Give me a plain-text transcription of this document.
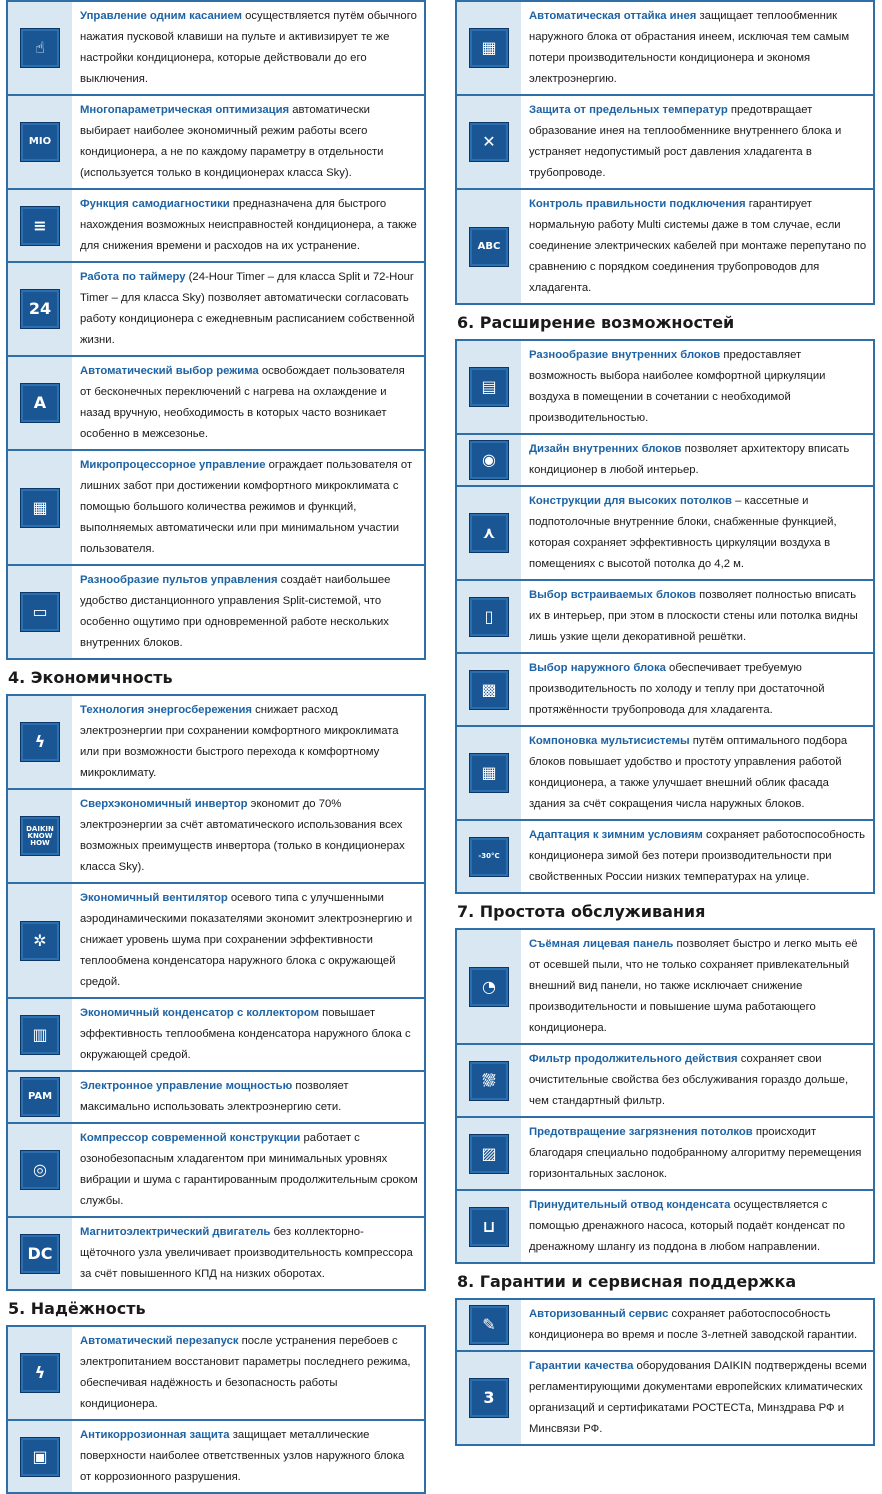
☝
Управление одним касанием осуществляется путём обычного нажатия пусковой клавиши на пульте и активизирует те же настройки кондиционера, которые действовали до его выключения.
MIO
Многопараметрическая оптимизация автоматически выбирает наиболее экономичный режим работы всего кондиционера, а не по каждому параметру в отдельности (используется только в кондиционерах класса Sky).
≡
Функция самодиагностики предназначена для быстрого нахождения возможных неисправностей кондиционера, а также для снижения времени и расходов на их устранение.
24
Работа по таймеру (24-Hour Timer – для класса Split и 72-Hour Timer – для класса Sky) позволяет автоматически согласовать работу кондиционера с ежедневным расписанием собственной жизни.
A
Автоматический выбор режима освобождает пользователя от бесконечных переключений с нагрева на охлаждение и назад вручную, необходимость в которых часто возникает особенно в межсезонье.
▦
Микропроцессорное управление ограждает пользователя от лишних забот при достижении комфортного микроклимата с помощью большого количества режимов и функций, выполняемых автоматически или при минимальном участии пользователя.
▭
Разнообразие пультов управления создаёт наибольшее удобство дистанционного управления Split-системой, что особенно ощутимо при одновременной работе нескольких внутренних блоков.
4. Экономичность
ϟ
Технология энергосбережения снижает расход электроэнергии при сохранении комфортного микроклимата или при возможности быстрого перехода к комфортному микроклимату.
DAIKIN KNOW HOW
Сверхэкономичный инвертор экономит до 70% электроэнергии за счёт автоматического использования всех возможных преимуществ инвертора (только в кондиционерах класса Sky).
✲
Экономичный вентилятор осевого типа с улучшенными аэродинамическими показателями экономит электроэнергию и снижает уровень шума при сохранении эффективности теплообмена конденсатора наружного блока с окружающей средой.
▥
Экономичный конденсатор с коллектором повышает эффективность теплообмена конденсатора наружного блока с окружающей средой.
PAM
Электронное управление мощностью позволяет максимально использовать электроэнергию сети.
◎
Компрессор современной конструкции работает с озонобезопасным хладагентом при минимальных уровнях вибрации и шума с гарантированным продолжительным сроком службы.
DC
Магнитоэлектрический двигатель без коллекторно-щёточного узла увеличивает производительность компрессора за счёт повышенного КПД на низких оборотах.
5. Надёжность
ϟ
Автоматический перезапуск после устранения перебоев с электропитанием восстановит параметры последнего режима, обеспечивая надёжность и безопасность работы кондиционера.
▣
Антикоррозионная защита защищает металлические поверхности наиболее ответственных узлов наружного блока от коррозионного разрушения.
▦
Автоматическая оттайка инея защищает теплообменник наружного блока от обрастания инеем, исключая тем самым потери производительности кондиционера и экономя электроэнергию.
✕
Защита от предельных температур предотвращает образование инея на теплообменнике внутреннего блока и устраняет недопустимый рост давления хладагента в трубопроводе.
ABC
Контроль правильности подключения гарантирует нормальную работу Multi системы даже в том случае, если соединение электрических кабелей при монтаже перепутано по сравнению с порядком соединения трубопроводов для хладагента.
6. Расширение возможностей
▤
Разнообразие внутренних блоков предоставляет возможность выбора наиболее комфортной циркуляции воздуха в помещении в сочетании с необходимой производительностью.
◉
Дизайн внутренних блоков позволяет архитектору вписать кондиционер в любой интерьер.
⋏
Конструкции для высоких потолков – кассетные и подпотолочные внутренние блоки, снабженные функцией, которая сохраняет эффективность циркуляции воздуха в помещениях с высотой потолка до 4,2 м.
▯
Выбор встраиваемых блоков позволяет полностью вписать их в интерьер, при этом в плоскости стены или потолка видны лишь узкие щели декоративной решётки.
▩
Выбор наружного блока обеспечивает требуемую производительность по холоду и теплу при достаточной протяжённости трубопровода для хладагента.
▦
Компоновка мультисистемы путём оптимального подбора блоков повышает удобство и простоту управления работой кондиционера, а также улучшает внешний облик фасада здания за счёт сокращения числа наружных блоков.
-30°C
Адаптация к зимним условиям сохраняет работоспособность кондиционера зимой без потери производительности при свойственных России низких температурах на улице.
7. Простота обслуживания
◔
Съёмная лицевая панель позволяет быстро и легко мыть её от осевшей пыли, что не только сохраняет привлекательный внешний вид панели, но также исключает снижение производительности и повышение шума работающего кондиционера.
⛆
Фильтр продолжительного действия сохраняет свои очистительные свойства без обслуживания гораздо дольше, чем стандартный фильтр.
▨
Предотвращение загрязнения потолков происходит благодаря специально подобранному алгоритму перемещения горизонтальных заслонок.
⊔
Принудительный отвод конденсата осуществляется с помощью дренажного насоса, который подаёт конденсат по дренажному шлангу из поддона в любом направлении.
8. Гарантии и сервисная поддержка
✎
Авторизованный сервис сохраняет работоспособность кондиционера во время и после 3-летней заводской гарантии.
3
Гарантии качества оборудования DAIKIN подтверждены всеми регламентирующими документами европейских климатических организаций и сертификатами РОСТЕСТа, Минздрава РФ и Минсвязи РФ.
